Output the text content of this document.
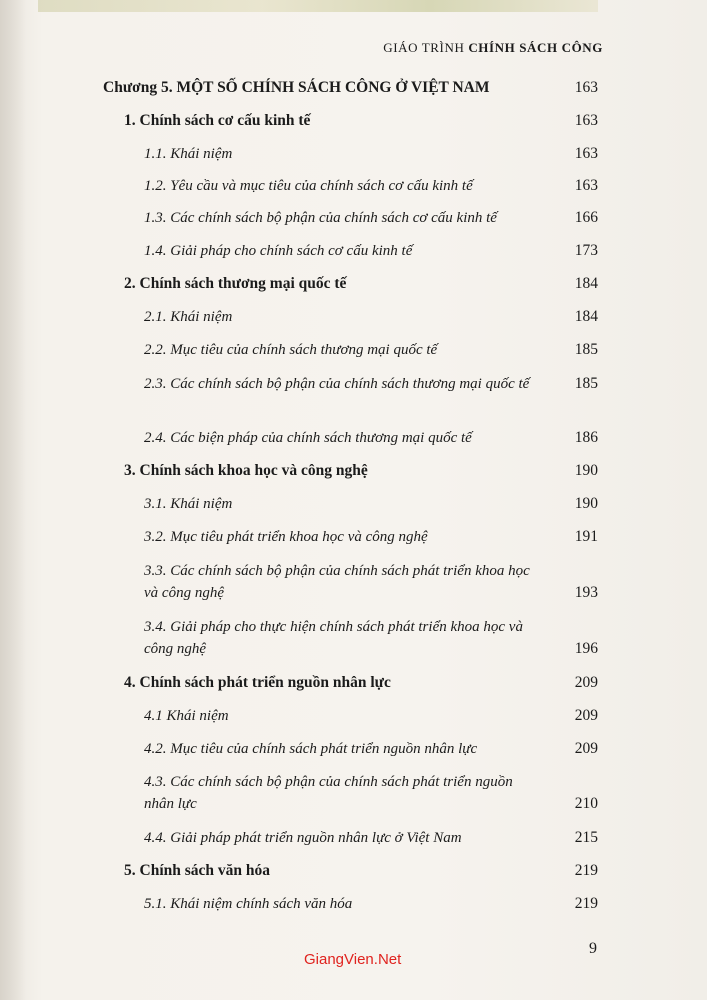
GIÁO TRÌNH CHÍNH SÁCH CÔNG
Chương 5. MỘT SỐ CHÍNH SÁCH CÔNG Ở VIỆT NAM	163
1. Chính sách cơ cấu kinh tế	163
1.1. Khái niệm	163
1.2. Yêu cầu và mục tiêu của chính sách cơ cấu kinh tế	163
1.3. Các chính sách bộ phận của chính sách cơ cấu kinh tế	166
1.4. Giải pháp cho chính sách cơ cấu kinh tế	173
2. Chính sách thương mại quốc tế	184
2.1. Khái niệm	184
2.2. Mục tiêu của chính sách thương mại quốc tế	185
2.3. Các chính sách bộ phận của chính sách thương mại quốc tế	185
2.4. Các biện pháp của chính sách thương mại quốc tế	186
3. Chính sách khoa học và công nghệ	190
3.1. Khái niệm	190
3.2. Mục tiêu phát triển khoa học và công nghệ	191
3.3. Các chính sách bộ phận của chính sách phát triển khoa học và công nghệ	193
3.4. Giải pháp cho thực hiện chính sách phát triển khoa học và công nghệ	196
4. Chính sách phát triển nguồn nhân lực	209
4.1 Khái niệm	209
4.2. Mục tiêu của chính sách phát triển nguồn nhân lực	209
4.3. Các chính sách bộ phận của chính sách phát triển nguồn nhân lực	210
4.4. Giải pháp phát triển nguồn nhân lực ở Việt Nam	215
5. Chính sách văn hóa	219
5.1. Khái niệm chính sách văn hóa	219
9
GiangVien.Net
